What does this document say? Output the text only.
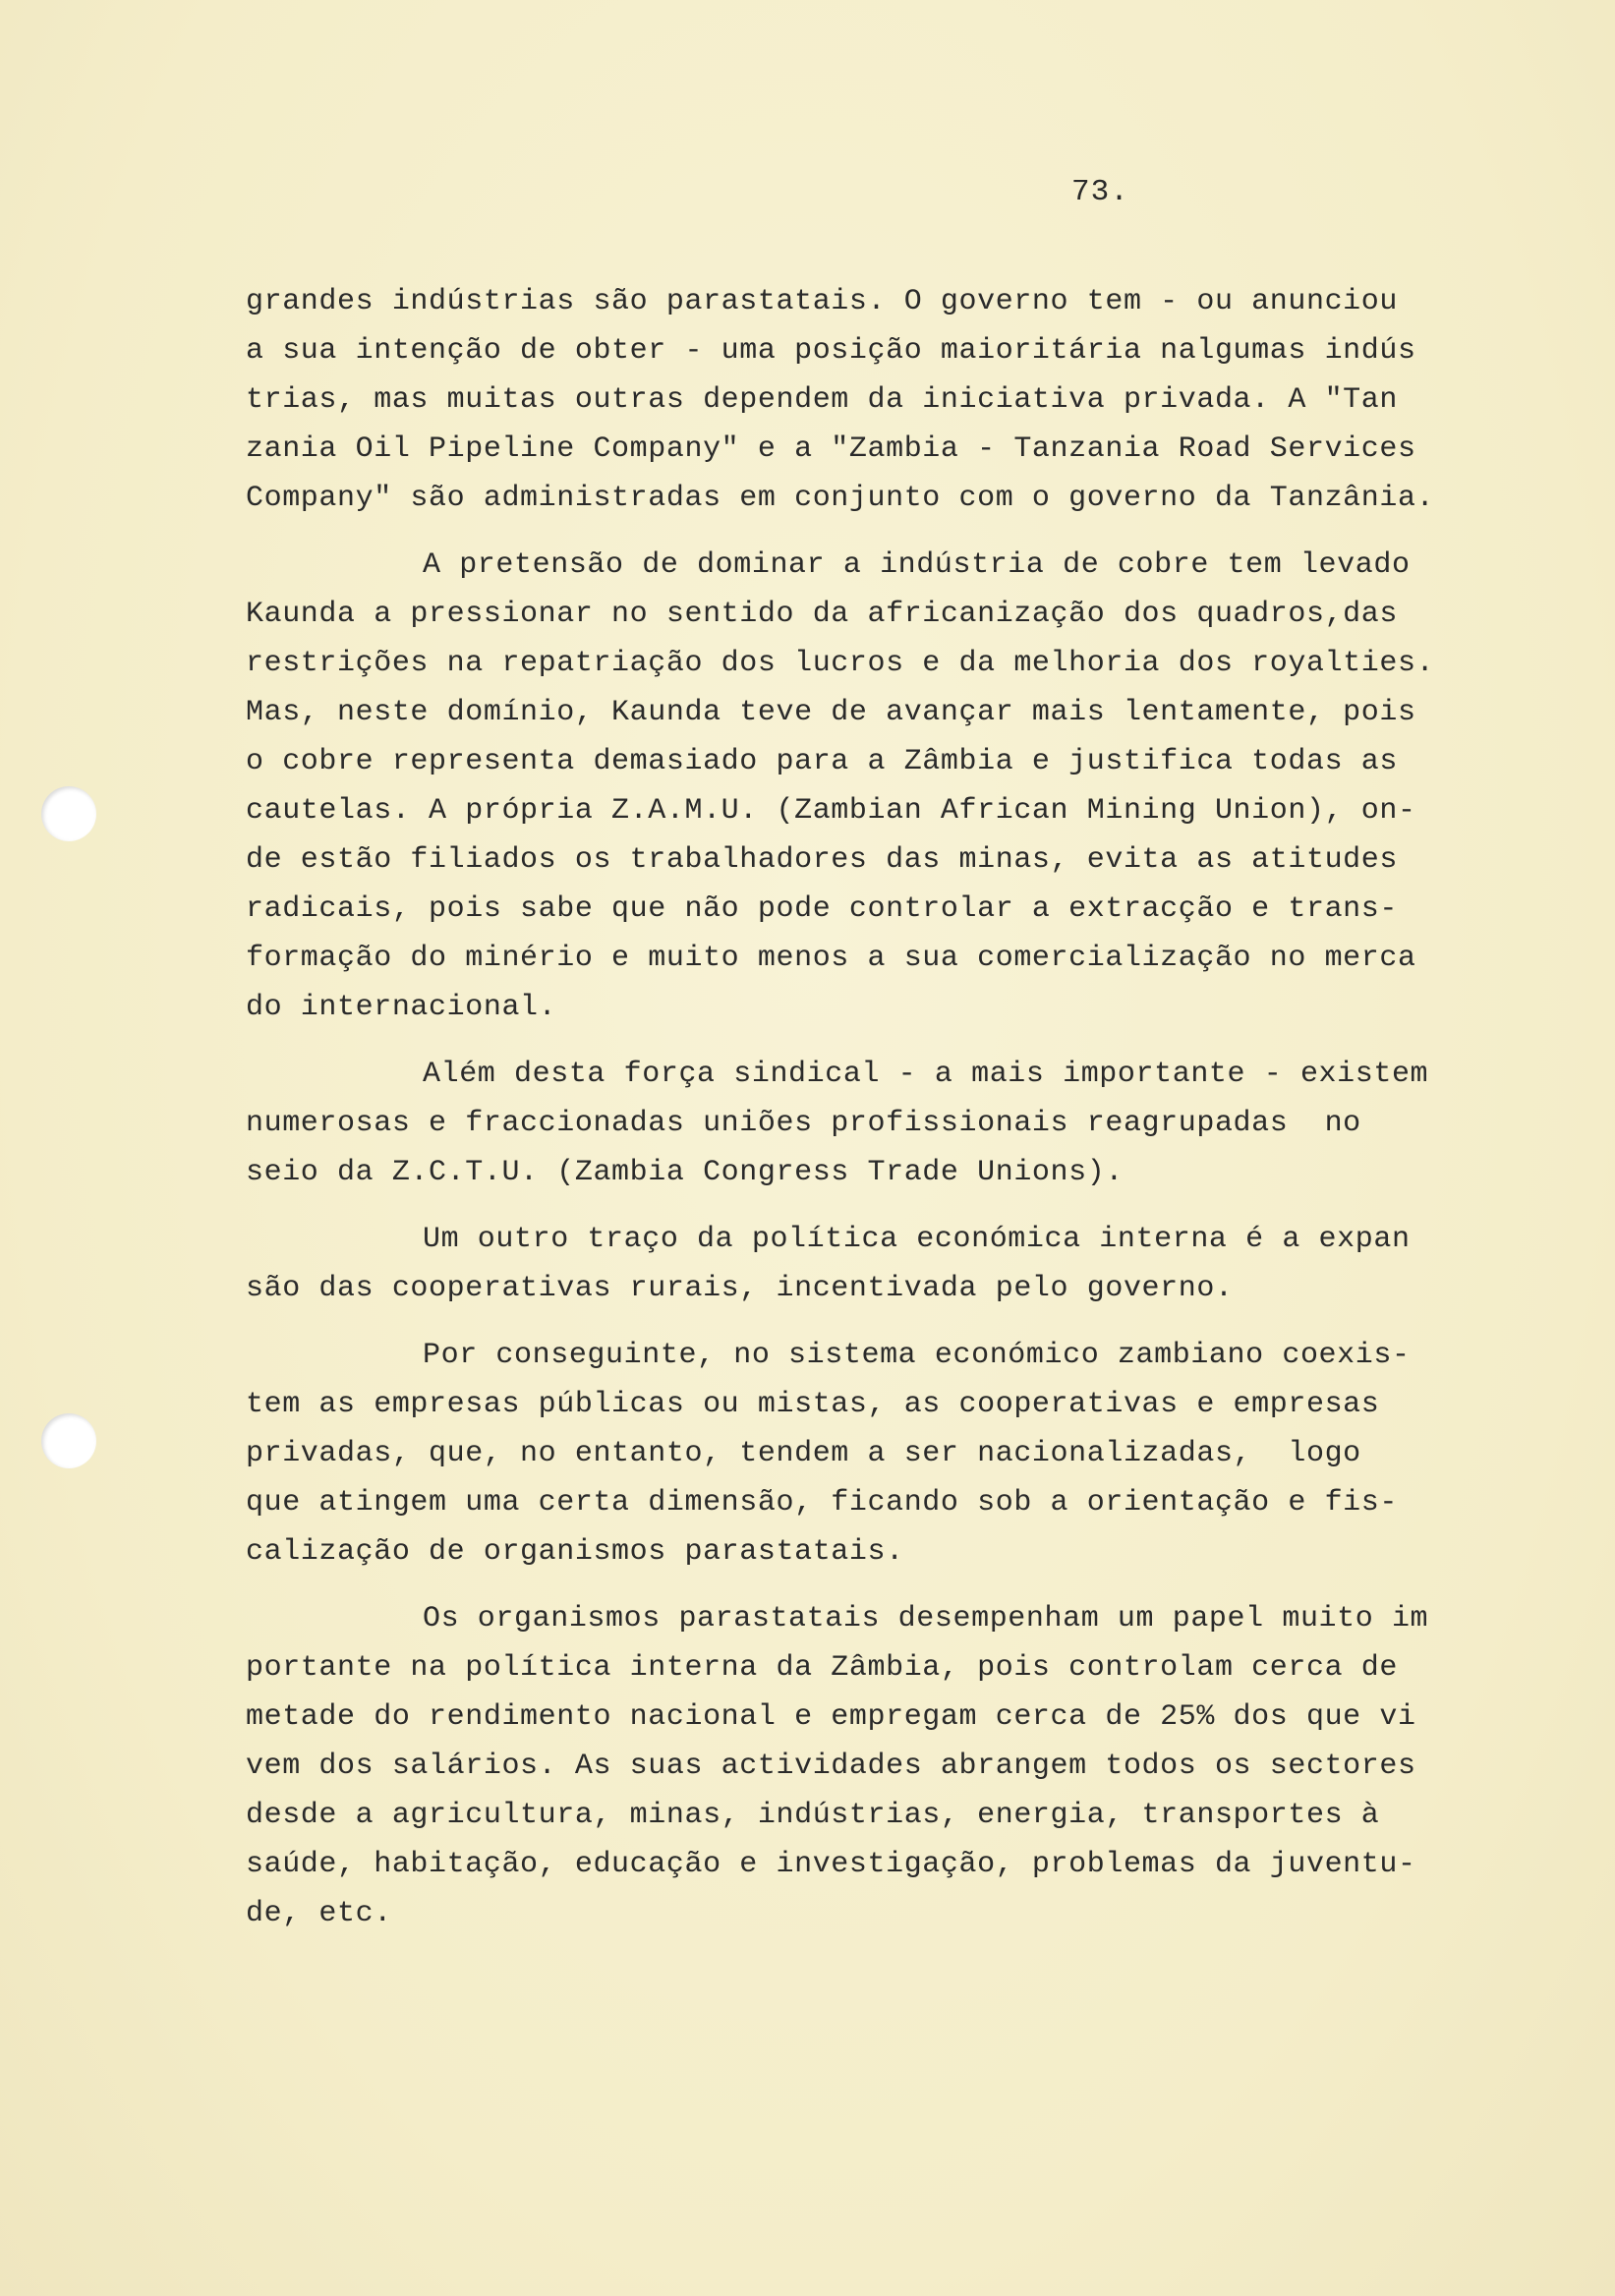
73.
grandes indústrias são parastatais. O governo tem - ou anunciou
a sua intenção de obter - uma posição maioritária nalgumas indús
trias, mas muitas outras dependem da iniciativa privada. A "Tan
zania Oil Pipeline Company" e a "Zambia - Tanzania Road Services
Company" são administradas em conjunto com o governo da Tanzânia.
A pretensão de dominar a indústria de cobre tem levado
Kaunda a pressionar no sentido da africanização dos quadros,das
restrições na repatriação dos lucros e da melhoria dos royalties.
Mas, neste domínio, Kaunda teve de avançar mais lentamente, pois
o cobre representa demasiado para a Zâmbia e justifica todas as
cautelas. A própria Z.A.M.U. (Zambian African Mining Union), on-
de estão filiados os trabalhadores das minas, evita as atitudes
radicais, pois sabe que não pode controlar a extracção e trans-
formação do minério e muito menos a sua comercialização no merca
do internacional.
Além desta força sindical - a mais importante - existem
numerosas e fraccionadas uniões profissionais reagrupadas  no
seio da Z.C.T.U. (Zambia Congress Trade Unions).
Um outro traço da política económica interna é a expan
são das cooperativas rurais, incentivada pelo governo.
Por conseguinte, no sistema económico zambiano coexis-
tem as empresas públicas ou mistas, as cooperativas e empresas
privadas, que, no entanto, tendem a ser nacionalizadas,  logo
que atingem uma certa dimensão, ficando sob a orientação e fis-
calização de organismos parastatais.
Os organismos parastatais desempenham um papel muito im
portante na política interna da Zâmbia, pois controlam cerca de
metade do rendimento nacional e empregam cerca de 25% dos que vi
vem dos salários. As suas actividades abrangem todos os sectores
desde a agricultura, minas, indústrias, energia, transportes à
saúde, habitação, educação e investigação, problemas da juventu-
de, etc.
